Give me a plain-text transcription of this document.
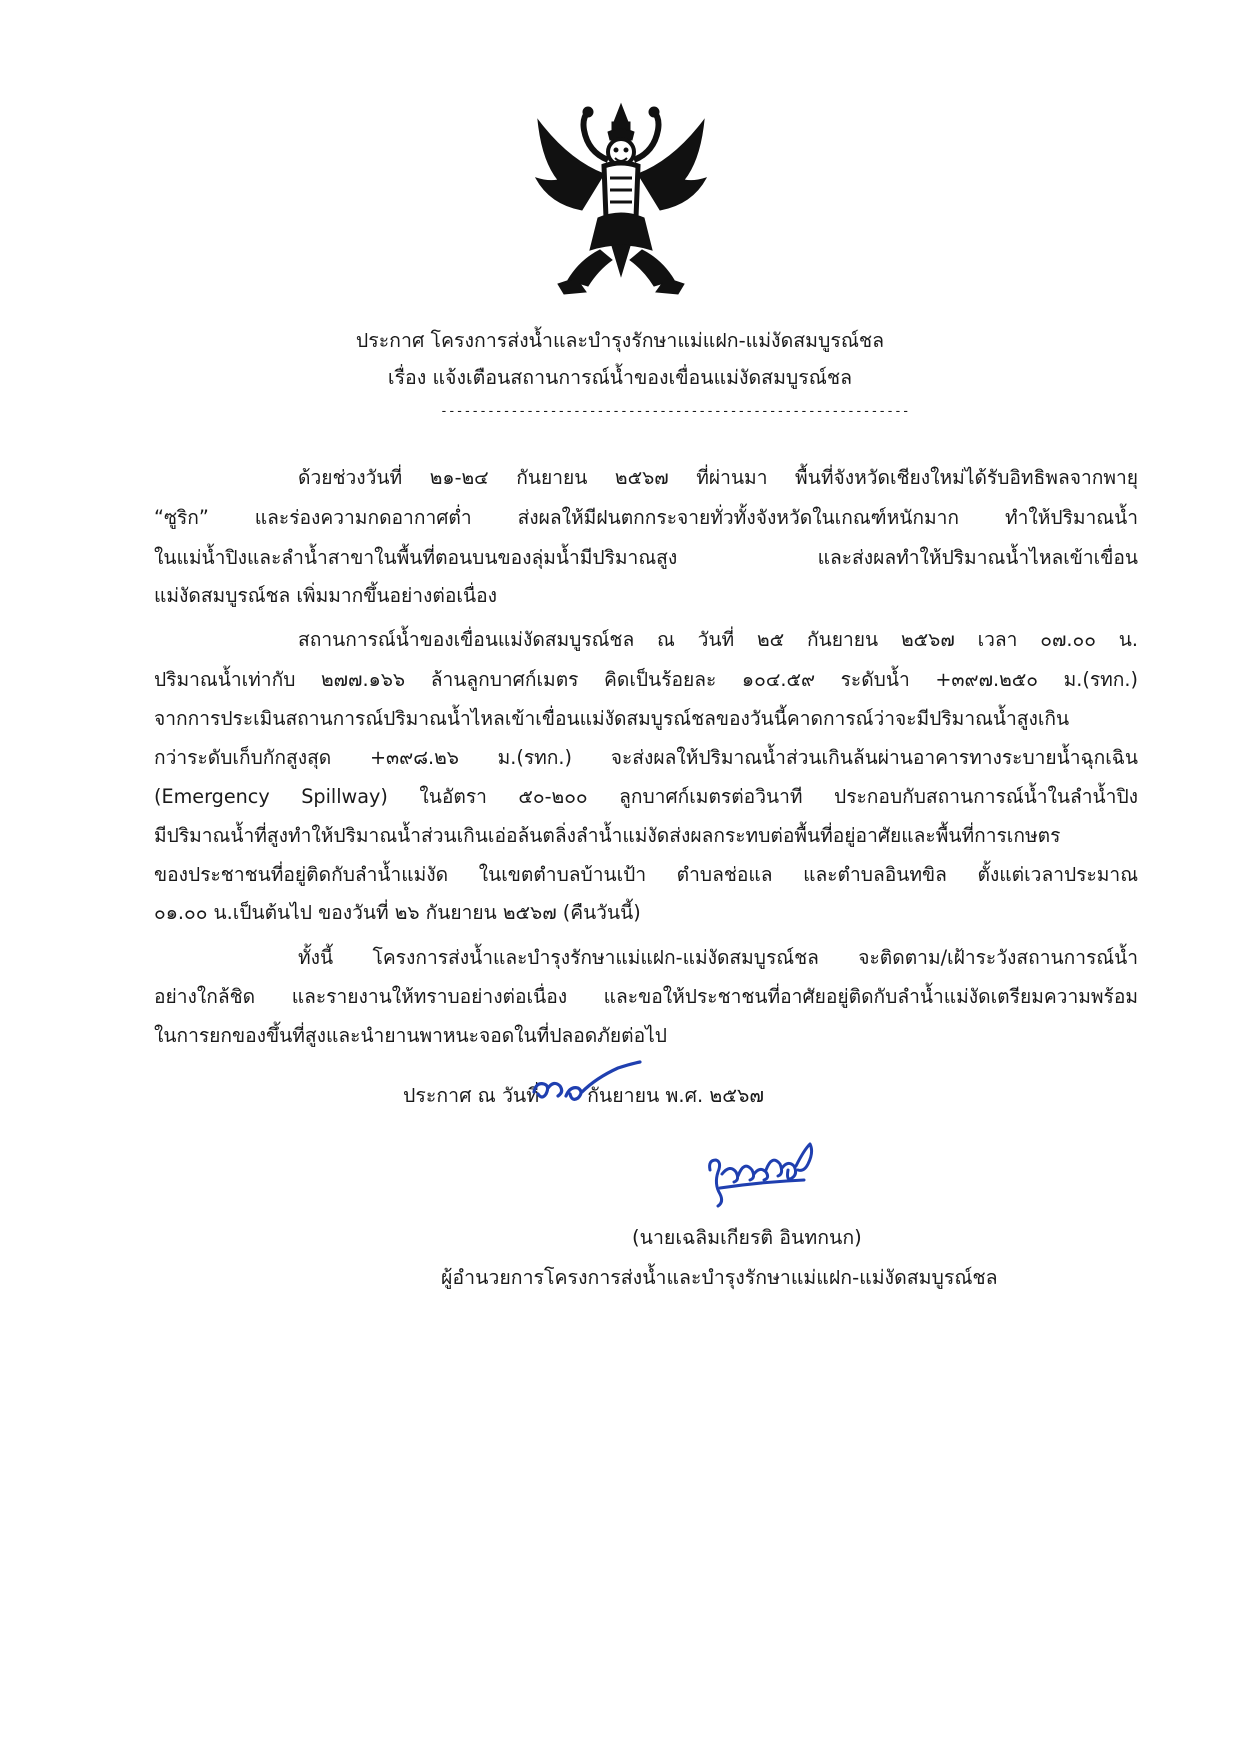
ประกาศ โครงการส่งน้ำและบำรุงรักษาแม่แฝก-แม่งัดสมบูรณ์ชล
เรื่อง แจ้งเตือนสถานการณ์น้ำของเขื่อนแม่งัดสมบูรณ์ชล
------------------------------------------------------------
ด้วยช่วงวันที่ ๒๑-๒๔ กันยายน ๒๕๖๗ ที่ผ่านมา พื้นที่จังหวัดเชียงใหม่ได้รับอิทธิพลจากพายุ
“ซูริก” และร่องความกดอากาศต่ำ ส่งผลให้มีฝนตกกระจายทั่วทั้งจังหวัดในเกณฑ์หนักมาก ทำให้ปริมาณน้ำ
ในแม่น้ำปิงและลำน้ำสาขาในพื้นที่ตอนบนของลุ่มน้ำมีปริมาณสูง และส่งผลทำให้ปริมาณน้ำไหลเข้าเขื่อน
แม่งัดสมบูรณ์ชล เพิ่มมากขึ้นอย่างต่อเนื่อง
สถานการณ์น้ำของเขื่อนแม่งัดสมบูรณ์ชล ณ วันที่ ๒๕ กันยายน ๒๕๖๗ เวลา ๐๗.๐๐ น.
ปริมาณน้ำเท่ากับ ๒๗๗.๑๖๖ ล้านลูกบาศก์เมตร คิดเป็นร้อยละ ๑๐๔.๕๙ ระดับน้ำ +๓๙๗.๒๕๐ ม.(รทก.)
จากการประเมินสถานการณ์ปริมาณน้ำไหลเข้าเขื่อนแม่งัดสมบูรณ์ชลของวันนี้คาดการณ์ว่าจะมีปริมาณน้ำสูงเกิน
กว่าระดับเก็บกักสูงสุด +๓๙๘.๒๖ ม.(รทก.) จะส่งผลให้ปริมาณน้ำส่วนเกินล้นผ่านอาคารทางระบายน้ำฉุกเฉิน
(Emergency Spillway) ในอัตรา ๕๐-๒๐๐ ลูกบาศก์เมตรต่อวินาที ประกอบกับสถานการณ์น้ำในลำน้ำปิง
มีปริมาณน้ำที่สูงทำให้ปริมาณน้ำส่วนเกินเอ่อล้นตลิ่งลำน้ำแม่งัดส่งผลกระทบต่อพื้นที่อยู่อาศัยและพื้นที่การเกษตร
ของประชาชนที่อยู่ติดกับลำน้ำแม่งัด ในเขตตำบลบ้านเป้า ตำบลช่อแล และตำบลอินทขิล ตั้งแต่เวลาประมาณ
๐๑.๐๐ น.เป็นต้นไป ของวันที่ ๒๖ กันยายน ๒๕๖๗ (คืนวันนี้)
ทั้งนี้ โครงการส่งน้ำและบำรุงรักษาแม่แฝก-แม่งัดสมบูรณ์ชล จะติดตาม/เฝ้าระวังสถานการณ์น้ำ
อย่างใกล้ชิด และรายงานให้ทราบอย่างต่อเนื่อง และขอให้ประชาชนที่อาศัยอยู่ติดกับลำน้ำแม่งัดเตรียมความพร้อม
ในการยกของขึ้นที่สูงและนำยานพาหนะจอดในที่ปลอดภัยต่อไป
ประกาศ ณ วันที่ กันยายน พ.ศ. ๒๕๖๗
(นายเฉลิมเกียรติ อินทกนก)
ผู้อำนวยการโครงการส่งน้ำและบำรุงรักษาแม่แฝก-แม่งัดสมบูรณ์ชล
